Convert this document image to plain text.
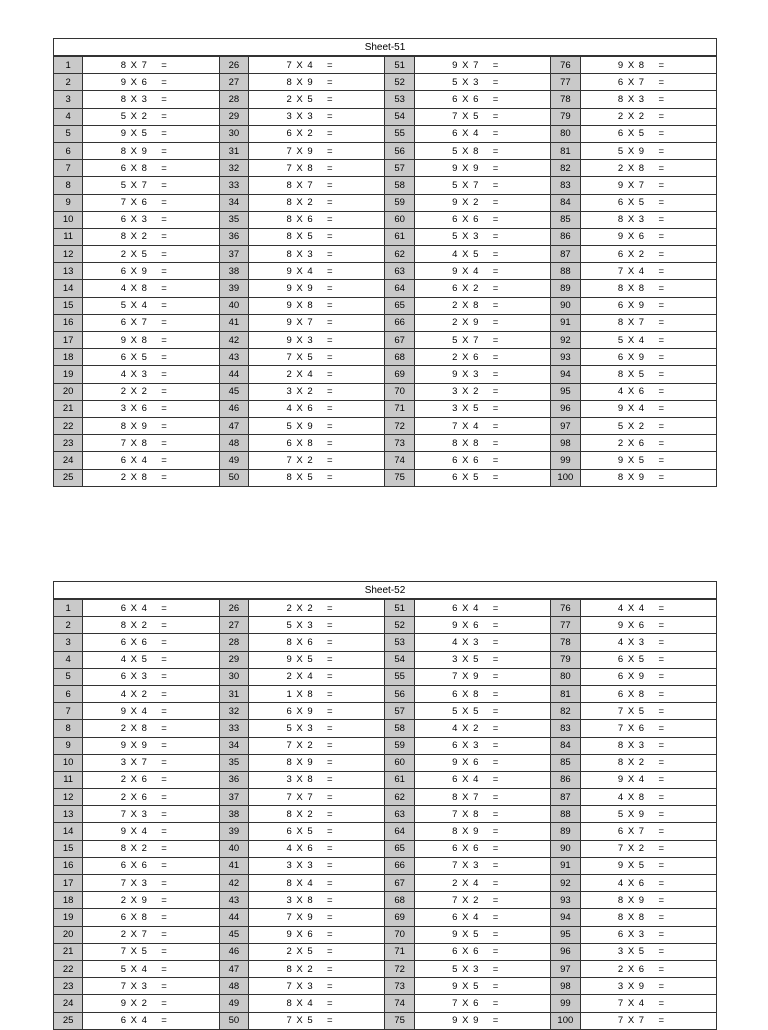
Sheet-51
1	8 X 7 =	26	7 X 4 =	51	9 X 7 =	76	9 X 8 =
2	9 X 6 =	27	8 X 9 =	52	5 X 3 =	77	6 X 7 =
3	8 X 3 =	28	2 X 5 =	53	6 X 6 =	78	8 X 3 =
4	5 X 2 =	29	3 X 3 =	54	7 X 5 =	79	2 X 2 =
5	9 X 5 =	30	6 X 2 =	55	6 X 4 =	80	6 X 5 =
6	8 X 9 =	31	7 X 9 =	56	5 X 8 =	81	5 X 9 =
7	6 X 8 =	32	7 X 8 =	57	9 X 9 =	82	2 X 8 =
8	5 X 7 =	33	8 X 7 =	58	5 X 7 =	83	9 X 7 =
9	7 X 6 =	34	8 X 2 =	59	9 X 2 =	84	6 X 5 =
10	6 X 3 =	35	8 X 6 =	60	6 X 6 =	85	8 X 3 =
11	8 X 2 =	36	8 X 5 =	61	5 X 3 =	86	9 X 6 =
12	2 X 5 =	37	8 X 3 =	62	4 X 5 =	87	6 X 2 =
13	6 X 9 =	38	9 X 4 =	63	9 X 4 =	88	7 X 4 =
14	4 X 8 =	39	9 X 9 =	64	6 X 2 =	89	8 X 8 =
15	5 X 4 =	40	9 X 8 =	65	2 X 8 =	90	6 X 9 =
16	6 X 7 =	41	9 X 7 =	66	2 X 9 =	91	8 X 7 =
17	9 X 8 =	42	9 X 3 =	67	5 X 7 =	92	5 X 4 =
18	6 X 5 =	43	7 X 5 =	68	2 X 6 =	93	6 X 9 =
19	4 X 3 =	44	2 X 4 =	69	9 X 3 =	94	8 X 5 =
20	2 X 2 =	45	3 X 2 =	70	3 X 2 =	95	4 X 6 =
21	3 X 6 =	46	4 X 6 =	71	3 X 5 =	96	9 X 4 =
22	8 X 9 =	47	5 X 9 =	72	7 X 4 =	97	5 X 2 =
23	7 X 8 =	48	6 X 8 =	73	8 X 8 =	98	2 X 6 =
24	6 X 4 =	49	7 X 2 =	74	6 X 6 =	99	9 X 5 =
25	2 X 8 =	50	8 X 5 =	75	6 X 5 =	100	8 X 9 =
Sheet-52
1	6 X 4 =	26	2 X 2 =	51	6 X 4 =	76	4 X 4 =
2	8 X 2 =	27	5 X 3 =	52	9 X 6 =	77	9 X 6 =
3	6 X 6 =	28	8 X 6 =	53	4 X 3 =	78	4 X 3 =
4	4 X 5 =	29	9 X 5 =	54	3 X 5 =	79	6 X 5 =
5	6 X 3 =	30	2 X 4 =	55	7 X 9 =	80	6 X 9 =
6	4 X 2 =	31	1 X 8 =	56	6 X 8 =	81	6 X 8 =
7	9 X 4 =	32	6 X 9 =	57	5 X 5 =	82	7 X 5 =
8	2 X 8 =	33	5 X 3 =	58	4 X 2 =	83	7 X 6 =
9	9 X 9 =	34	7 X 2 =	59	6 X 3 =	84	8 X 3 =
10	3 X 7 =	35	8 X 9 =	60	9 X 6 =	85	8 X 2 =
11	2 X 6 =	36	3 X 8 =	61	6 X 4 =	86	9 X 4 =
12	2 X 6 =	37	7 X 7 =	62	8 X 7 =	87	4 X 8 =
13	7 X 3 =	38	8 X 2 =	63	7 X 8 =	88	5 X 9 =
14	9 X 4 =	39	6 X 5 =	64	8 X 9 =	89	6 X 7 =
15	8 X 2 =	40	4 X 6 =	65	6 X 6 =	90	7 X 2 =
16	6 X 6 =	41	3 X 3 =	66	7 X 3 =	91	9 X 5 =
17	7 X 3 =	42	8 X 4 =	67	2 X 4 =	92	4 X 6 =
18	2 X 9 =	43	3 X 8 =	68	7 X 2 =	93	8 X 9 =
19	6 X 8 =	44	7 X 9 =	69	6 X 4 =	94	8 X 8 =
20	2 X 7 =	45	9 X 6 =	70	9 X 5 =	95	6 X 3 =
21	7 X 5 =	46	2 X 5 =	71	6 X 6 =	96	3 X 5 =
22	5 X 4 =	47	8 X 2 =	72	5 X 3 =	97	2 X 6 =
23	7 X 3 =	48	7 X 3 =	73	9 X 5 =	98	3 X 9 =
24	9 X 2 =	49	8 X 4 =	74	7 X 6 =	99	7 X 4 =
25	6 X 4 =	50	7 X 5 =	75	9 X 9 =	100	7 X 7 =
